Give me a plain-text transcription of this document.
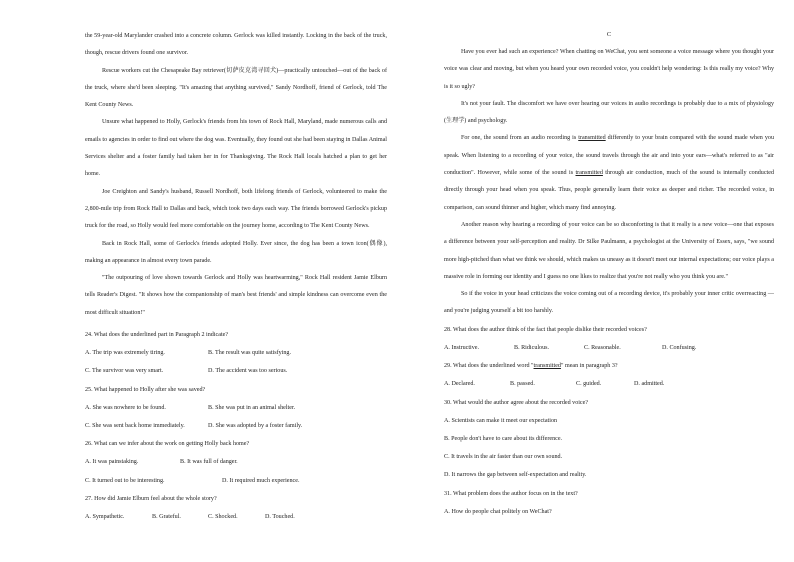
the 59-year-old Marylander crashed into a concrete column. Gerlock was killed instantly. Locking in the back of the truck, though, rescue drivers found one survivor.

Rescue workers cut the Chesapeake Bay retriever(切萨皮克湾寻回犬)—practically untouched—out of the back of the truck, where she'd been sleeping. "It's amazing that anything survived," Sandy Nordhoff, friend of Gerlock, told The Kent County News.

Unsure what happened to Holly, Gerlock's friends from his town of Rock Hall, Maryland, made numerous calls and emails to agencies in order to find out where the dog was. Eventually, they found out she had been staying in Dallas Animal Services shelter and a foster family had taken her in for Thanksgiving. The Rock Hall locals hatched a plan to get her home.

Joe Creighton and Sandy's husband, Russell Nordhoff, both lifelong friends of Gerlock, volunteered to make the 2,800-mile trip from Rock Hall to Dallas and back, which took two days each way. The friends borrowed Gerlock's pickup truck for the road, so Holly would feel more comfortable on the journey home, according to The Kent County News.

Back in Rock Hall, some of Gerlock's friends adopted Holly. Ever since, the dog has been a town icon(偶像), making an appearance in almost every town parade.

"The outpouring of love shown towards Gerlock and Holly was heartwarming," Rock Hall resident Jamie Elburn tells Reader's Digest. "It shows how the companionship of man's best friends' and simple kindness can overcome even the most difficult situation!"

24. What does the underlined part in Paragraph 2 indicate?

A. The trip was extremely tiring.	B. The result was quite satisfying.
C. The survivor was very smart.	D. The accident was too serious.

25. What happened to Holly after she was saved?

A. She was nowhere to be found.	B. She was put in an animal shelter.
C. She was sent back home immediately.	D. She was adopted by a foster family.

26. What can we infer about the work on getting Holly back home?

A. It was painstaking.	B. It was full of danger.
C. It turned out to be interesting.	D. It required much experience.

27. How did Jamie Elburn feel about the whole story?

A. Sympathetic.	B. Grateful.	C. Shocked.	D. Touched.

C

Have you ever had such an experience? When chatting on WeChat, you sent someone a voice message where you thought your voice was clear and moving, but when you heard your own recorded voice, you couldn't help wondering: Is this really my voice? Why is it so ugly?

It's not your fault. The discomfort we have over hearing our voices in audio recordings is probably due to a mix of physiology (生理学) and psychology.

For one, the sound from an audio recording is transmitted differently to your brain compared with the sound made when you speak. When listening to a recording of your voice, the sound travels through the air and into your ears—what's referred to as "air conduction". However, while some of the sound is transmitted through air conduction, much of the sound is internally conducted directly through your head when you speak. Thus, people generally learn their voice as deeper and richer. The recorded voice, in comparison, can sound thinner and higher, which many find annoying.

Another reason why hearing a recording of your voice can be so disconforting is that it really is a new voice—one that exposes a difference between your self-perception and reality. Dr Silke Paulmann, a psychologist at the University of Essex, says, "we sound more high-pitched than what we think we should, which makes us uneasy as it doesn't meet our internal expectations; our voice plays a massive role in forming our identity and I guess no one likes to realize that you're not really who you think you are."

So if the voice in your head criticizes the voice coming out of a recording device, it's probably your inner critic overreacting —and you're judging yourself a bit too harshly.

28. What does the author think of the fact that people dislike their recorded voices?

A. Instructive.	B. Ridiculous.	C. Reasonable.	D. Confusing.

29. What does the underlined word "transmitted" mean in paragraph 3?

A. Declared.	B. passed.	C. guided.	D. admitted.

30. What would the author agree about the recorded voice?

A. Scientists can make it meet our expectation

B. People don't have to care about its difference.

C. It travels in the air faster than our own sound.

D. It narrows the gap between self-expectation and reality.

31. What problem does the author focus on in the text?

A. How do people chat politely on WeChat?
